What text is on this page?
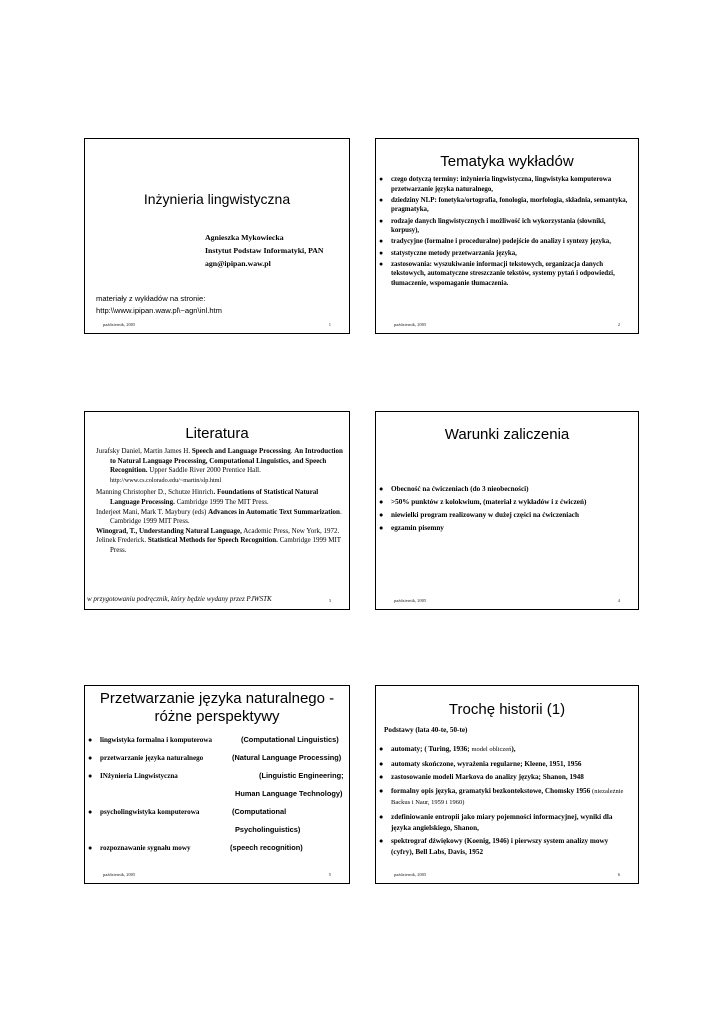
Inżynieria lingwistyczna
Agnieszka Mykowiecka
Instytut Podstaw Informatyki, PAN
agn@ipipan.waw.pl
materiały z wykładów na stronie:
http:\\www.ipipan.waw.pl\~agn\inl.htm
październik, 2005	1
Tematyka wykładów
● czego dotyczą terminy: inżynieria lingwistyczna, lingwistyka komputerowa przetwarzanie języka naturalnego,
● dziedziny NLP: fonetyka/ortografia, fonologia, morfologia, składnia, semantyka, pragmatyka,
● rodzaje danych lingwistycznych i możliwość ich wykorzystania (słowniki, korpusy),
● tradycyjne (formalne i proceduralne) podejście do analizy i syntezy języka,
● statystyczne metody przetwarzania języka,
● zastosowania: wyszukiwanie informacji tekstowych, organizacja danych tekstowych, automatyczne streszczanie tekstów, systemy pytań i odpowiedzi, tłumaczenie, wspomaganie tłumaczenia.
październik, 2005	2
Literatura
Jurafsky Daniel, Martin James H. Speech and Language Processing. An Introduction to Natural Language Processing, Computational Linguistics, and Speech Recognition. Upper Saddle River 2000 Prentice Hall.
http://www.cs.colorado.edu/~martin/slp.html
Manning Christopher D., Schutze Hinrich. Foundations of Statistical Natural Language Processing. Cambridge 1999 The MIT Press.
Inderjeet Mani, Mark T. Maybury (eds) Advances in Automatic Text Summarization. Cambridge 1999 MIT Press.
Winograd, T., Understanding Natural Language, Academic Press, New York, 1972.
Jelinek Frederick. Statistical Methods for Speech Recognition. Cambridge 1999 MIT Press.
w przygotowaniu podręcznik, który będzie wydany przez PJWSTK	3
Warunki zaliczenia
● Obecność na ćwiczeniach (do 3 nieobecności)
● >50% punktów z kolokwium, (materiał z wykładów i z ćwiczeń)
● niewielki program realizowany w dużej części na ćwiczeniach
● egzamin pisemny
październik, 2005	4
Przetwarzanie języka naturalnego -
różne perspektywy
● lingwistyka formalna i komputerowa	(Computational Linguistics)
● przetwarzanie języka naturalnego	(Natural Language Processing)
● INżynieria Lingwistyczna	(Linguistic Engineering;
Human Language Technology)
● psycholingwistyka komputerowa	(Computational
Psycholinguistics)
● rozpoznawanie sygnału mowy	(speech recognition)
październik, 2005	5
Trochę historii (1)
Podstawy (lata 40-te, 50-te)
● automaty; ( Turing, 1936; model obliczeń),
● automaty skończone, wyrażenia regularne; Kleene, 1951, 1956
● zastosowanie modeli Markova do analizy języka; Shanon, 1948
● formalny opis języka, gramatyki bezkontekstowe, Chomsky 1956 (niezależnie Backus i Naur, 1959 i 1960)
● zdefiniowanie entropii jako miary pojemności informacyjnej, wyniki dla języka angielskiego, Shanon,
● spektrograf dźwiękowy (Koenig, 1946) i pierwszy system analizy mowy (cyfry), Bell Labs, Davis, 1952
październik, 2005	6
